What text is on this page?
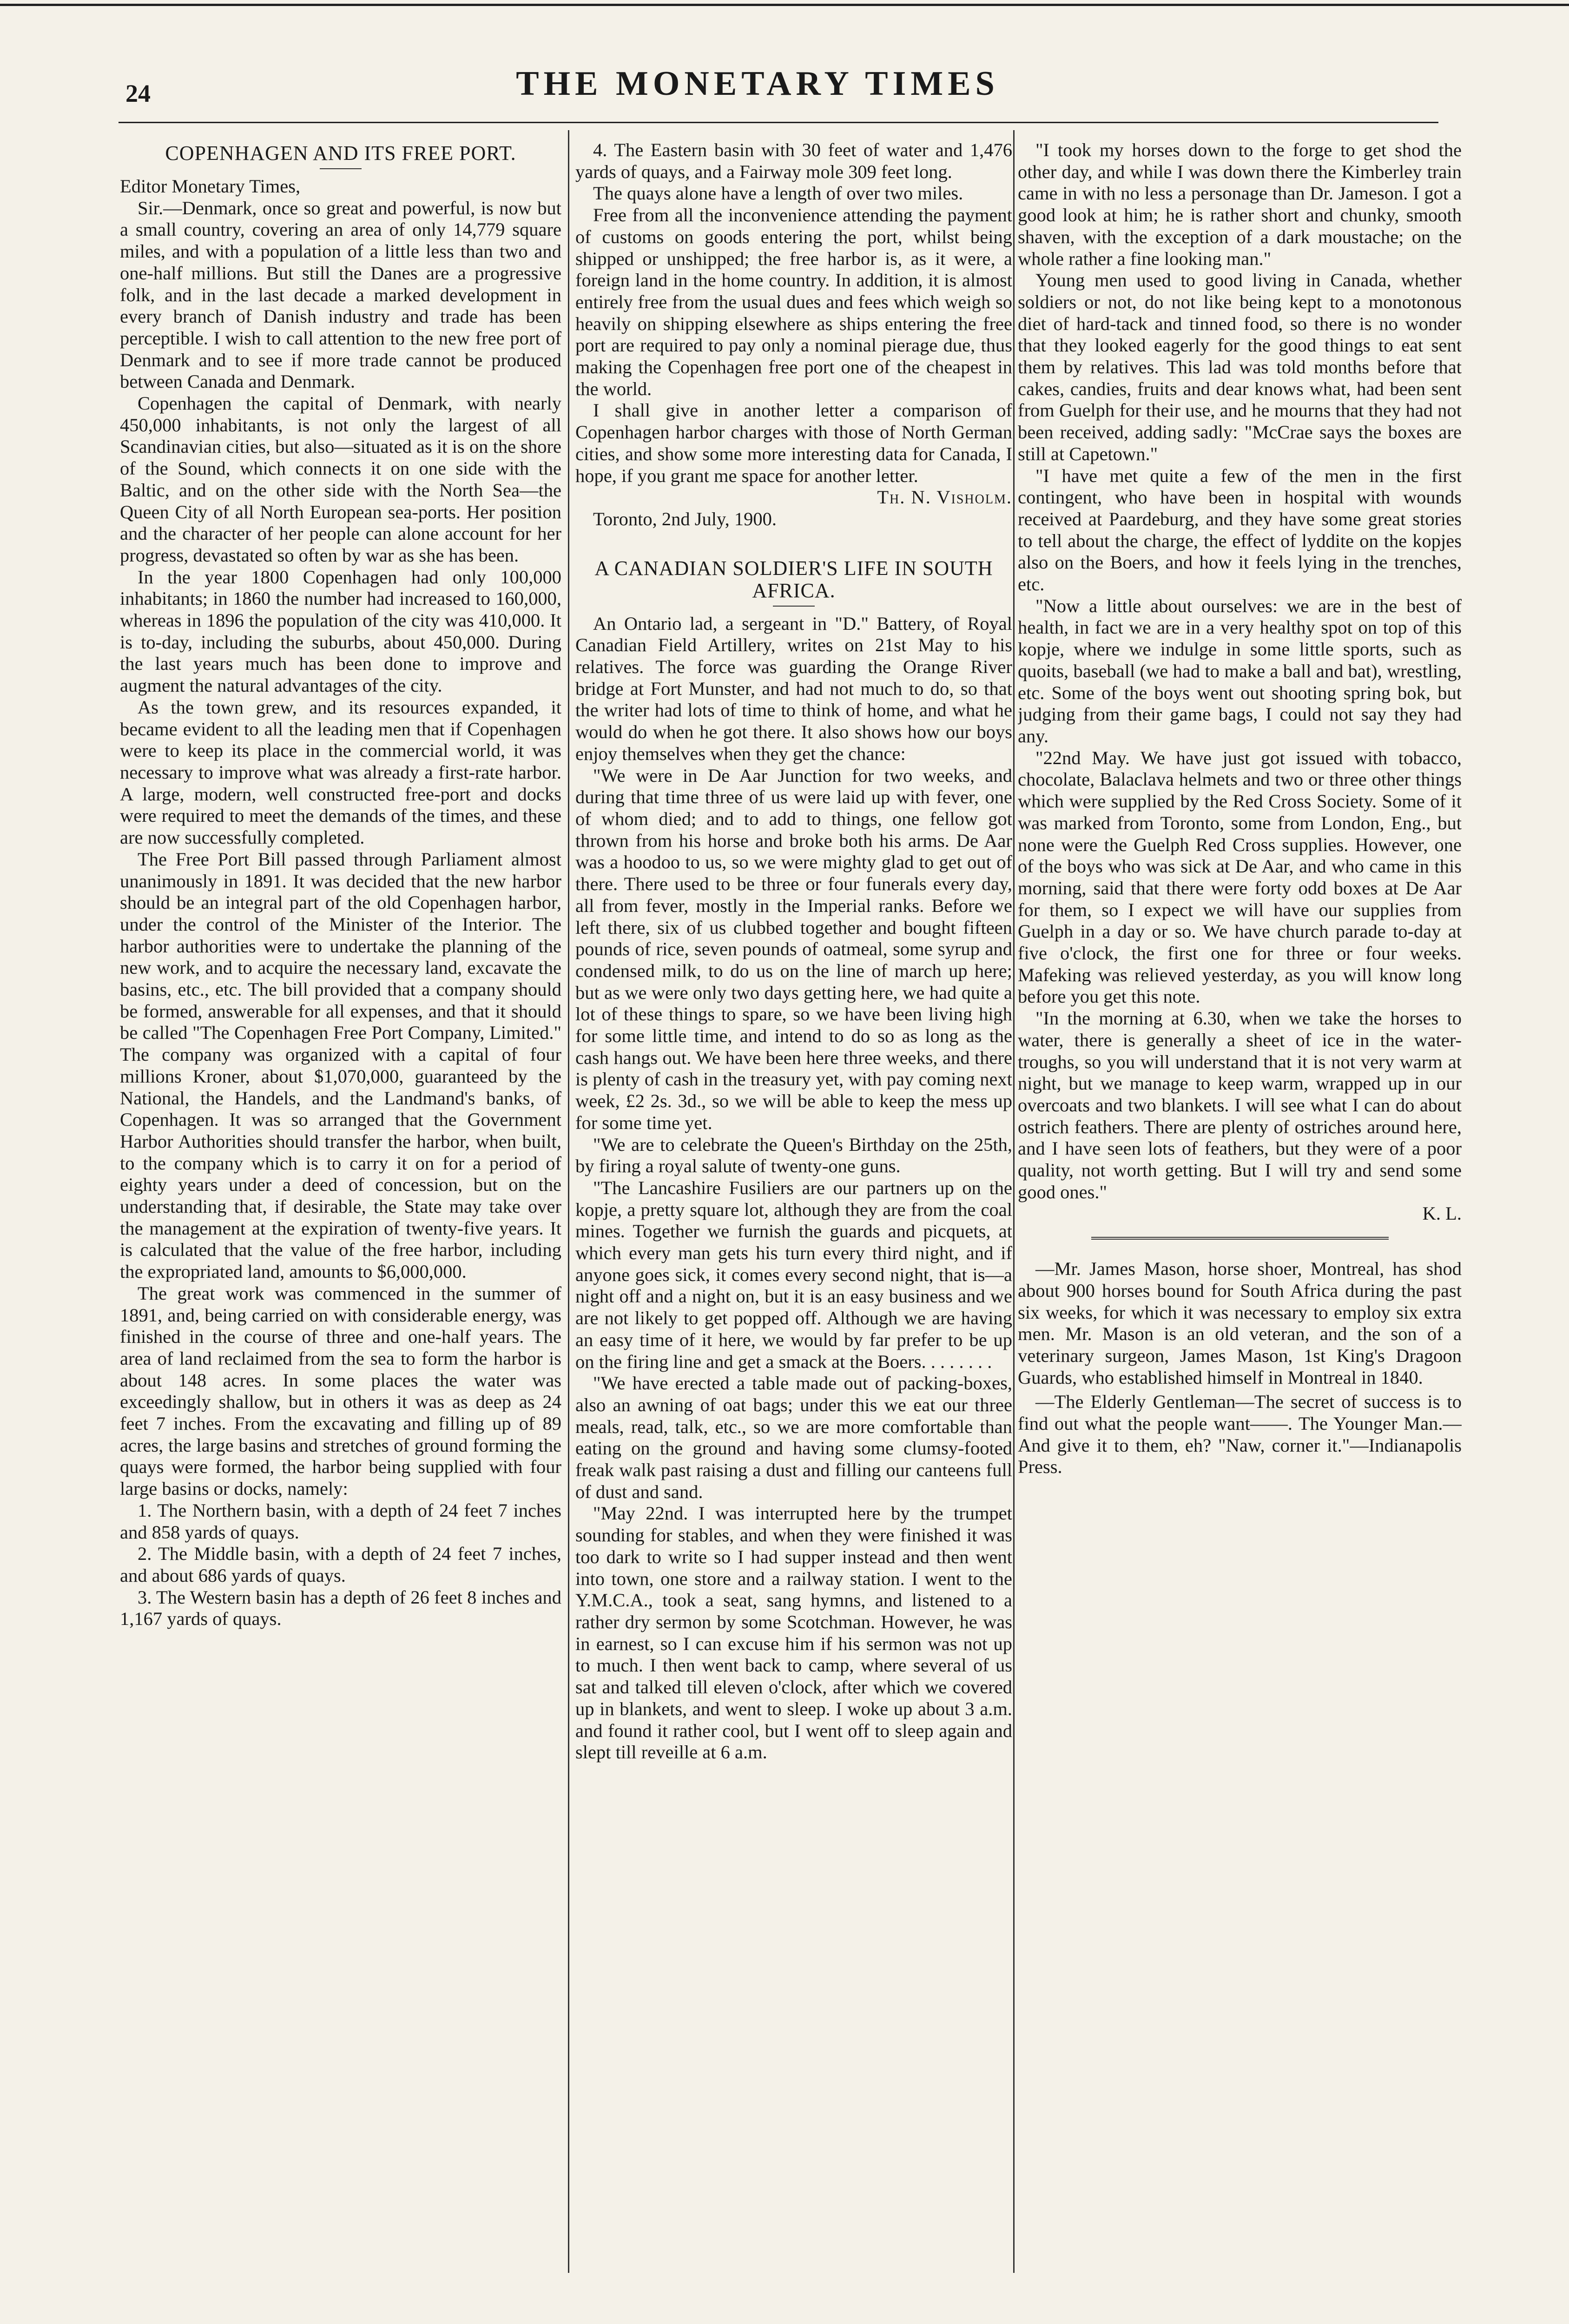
24	THE MONETARY TIMES
COPENHAGEN AND ITS FREE PORT.

Editor Monetary Times,

Sir.—Denmark, once so great and powerful, is now but a small country, covering an area of only 14,779 square miles, and with a population of a little less than two and one-half millions. But still the Danes are a progressive folk, and in the last decade a marked development in every branch of Danish industry and trade has been perceptible. I wish to call attention to the new free port of Denmark and to see if more trade cannot be produced between Canada and Denmark.

Copenhagen the capital of Denmark, with nearly 450,000 inhabitants, is not only the largest of all Scandinavian cities, but also—situated as it is on the shore of the Sound, which connects it on one side with the Baltic, and on the other side with the North Sea—the Queen City of all North European sea-ports. Her position and the character of her people can alone account for her progress, devastated so often by war as she has been.

In the year 1800 Copenhagen had only 100,000 inhabitants; in 1860 the number had increased to 160,000, whereas in 1896 the population of the city was 410,000. It is to-day, including the suburbs, about 450,000. During the last years much has been done to improve and augment the natural advantages of the city.

As the town grew, and its resources expanded, it became evident to all the leading men that if Copenhagen were to keep its place in the commercial world, it was necessary to improve what was already a first-rate harbor. A large, modern, well constructed free-port and docks were required to meet the demands of the times, and these are now successfully completed.

The Free Port Bill passed through Parliament almost unanimously in 1891. It was decided that the new harbor should be an integral part of the old Copenhagen harbor, under the control of the Minister of the Interior. The harbor authorities were to undertake the planning of the new work, and to acquire the necessary land, excavate the basins, etc., etc. The bill provided that a company should be formed, answerable for all expenses, and that it should be called "The Copenhagen Free Port Company, Limited." The company was organized with a capital of four millions Kroner, about $1,070,000, guaranteed by the National, the Handels, and the Landmand's banks, of Copenhagen. It was so arranged that the Government Harbor Authorities should transfer the harbor, when built, to the company which is to carry it on for a period of eighty years under a deed of concession, but on the understanding that, if desirable, the State may take over the management at the expiration of twenty-five years. It is calculated that the value of the free harbor, including the expropriated land, amounts to $6,000,000.

The great work was commenced in the summer of 1891, and, being carried on with considerable energy, was finished in the course of three and one-half years. The area of land reclaimed from the sea to form the harbor is about 148 acres. In some places the water was exceedingly shallow, but in others it was as deep as 24 feet 7 inches. From the excavating and filling up of 89 acres, the large basins and stretches of ground forming the quays were formed, the harbor being supplied with four large basins or docks, namely:

1. The Northern basin, with a depth of 24 feet 7 inches and 858 yards of quays.

2. The Middle basin, with a depth of 24 feet 7 inches, and about 686 yards of quays.

3. The Western basin has a depth of 26 feet 8 inches and 1,167 yards of quays.

4. The Eastern basin with 30 feet of water and 1,476 yards of quays, and a Fairway mole 309 feet long.

The quays alone have a length of over two miles.

Free from all the inconvenience attending the payment of customs on goods entering the port, whilst being shipped or unshipped; the free harbor is, as it were, a foreign land in the home country. In addition, it is almost entirely free from the usual dues and fees which weigh so heavily on shipping elsewhere as ships entering the free port are required to pay only a nominal pierage due, thus making the Copenhagen free port one of the cheapest in the world.

I shall give in another letter a comparison of Copenhagen harbor charges with those of North German cities, and show some more interesting data for Canada, I hope, if you grant me space for another letter.

Th. N. Visholm.

Toronto, 2nd July, 1900.

A CANADIAN SOLDIER'S LIFE IN SOUTH AFRICA.

An Ontario lad, a sergeant in "D." Battery, of Royal Canadian Field Artillery, writes on 21st May to his relatives. The force was guarding the Orange River bridge at Fort Munster, and had not much to do, so that the writer had lots of time to think of home, and what he would do when he got there. It also shows how our boys enjoy themselves when they get the chance:

"We were in De Aar Junction for two weeks, and during that time three of us were laid up with fever, one of whom died; and to add to things, one fellow got thrown from his horse and broke both his arms. De Aar was a hoodoo to us, so we were mighty glad to get out of there. There used to be three or four funerals every day, all from fever, mostly in the Imperial ranks. Before we left there, six of us clubbed together and bought fifteen pounds of rice, seven pounds of oatmeal, some syrup and condensed milk, to do us on the line of march up here; but as we were only two days getting here, we had quite a lot of these things to spare, so we have been living high for some little time, and intend to do so as long as the cash hangs out. We have been here three weeks, and there is plenty of cash in the treasury yet, with pay coming next week, £2 2s. 3d., so we will be able to keep the mess up for some time yet.

"We are to celebrate the Queen's Birthday on the 25th, by firing a royal salute of twenty-one guns.

"The Lancashire Fusiliers are our partners up on the kopje, a pretty square lot, although they are from the coal mines. Together we furnish the guards and picquets, at which every man gets his turn every third night, and if anyone goes sick, it comes every second night, that is—a night off and a night on, but it is an easy business and we are not likely to get popped off. Although we are having an easy time of it here, we would by far prefer to be up on the firing line and get a smack at the Boers. . . . . . . .

"We have erected a table made out of packing-boxes, also an awning of oat bags; under this we eat our three meals, read, talk, etc., so we are more comfortable than eating on the ground and having some clumsy-footed freak walk past raising a dust and filling our canteens full of dust and sand.

"May 22nd. I was interrupted here by the trumpet sounding for stables, and when they were finished it was too dark to write so I had supper instead and then went into town, one store and a railway station. I went to the Y.M.C.A., took a seat, sang hymns, and listened to a rather dry sermon by some Scotchman. However, he was in earnest, so I can excuse him if his sermon was not up to much. I then went back to camp, where several of us sat and talked till eleven o'clock, after which we covered up in blankets, and went to sleep. I woke up about 3 a.m. and found it rather cool, but I went off to sleep again and slept till reveille at 6 a.m.

"I took my horses down to the forge to get shod the other day, and while I was down there the Kimberley train came in with no less a personage than Dr. Jameson. I got a good look at him; he is rather short and chunky, smooth shaven, with the exception of a dark moustache; on the whole rather a fine looking man."

Young men used to good living in Canada, whether soldiers or not, do not like being kept to a monotonous diet of hard-tack and tinned food, so there is no wonder that they looked eagerly for the good things to eat sent them by relatives. This lad was told months before that cakes, candies, fruits and dear knows what, had been sent from Guelph for their use, and he mourns that they had not been received, adding sadly: "McCrae says the boxes are still at Capetown."

"I have met quite a few of the men in the first contingent, who have been in hospital with wounds received at Paardeburg, and they have some great stories to tell about the charge, the effect of lyddite on the kopjes also on the Boers, and how it feels lying in the trenches, etc.

"Now a little about ourselves: we are in the best of health, in fact we are in a very healthy spot on top of this kopje, where we indulge in some little sports, such as quoits, baseball (we had to make a ball and bat), wrestling, etc. Some of the boys went out shooting spring bok, but judging from their game bags, I could not say they had any.

"22nd May. We have just got issued with tobacco, chocolate, Balaclava helmets and two or three other things which were supplied by the Red Cross Society. Some of it was marked from Toronto, some from London, Eng., but none were the Guelph Red Cross supplies. However, one of the boys who was sick at De Aar, and who came in this morning, said that there were forty odd boxes at De Aar for them, so I expect we will have our supplies from Guelph in a day or so. We have church parade to-day at five o'clock, the first one for three or four weeks. Mafeking was relieved yesterday, as you will know long before you get this note.

"In the morning at 6.30, when we take the horses to water, there is generally a sheet of ice in the water-troughs, so you will understand that it is not very warm at night, but we manage to keep warm, wrapped up in our overcoats and two blankets. I will see what I can do about ostrich feathers. There are plenty of ostriches around here, and I have seen lots of feathers, but they were of a poor quality, not worth getting. But I will try and send some good ones."

K. L.

—Mr. James Mason, horse shoer, Montreal, has shod about 900 horses bound for South Africa during the past six weeks, for which it was necessary to employ six extra men. Mr. Mason is an old veteran, and the son of a veterinary surgeon, James Mason, 1st King's Dragoon Guards, who established himself in Montreal in 1840.

—The Elderly Gentleman—The secret of success is to find out what the people want——. The Younger Man.—And give it to them, eh? "Naw, corner it."—Indianapolis Press.
